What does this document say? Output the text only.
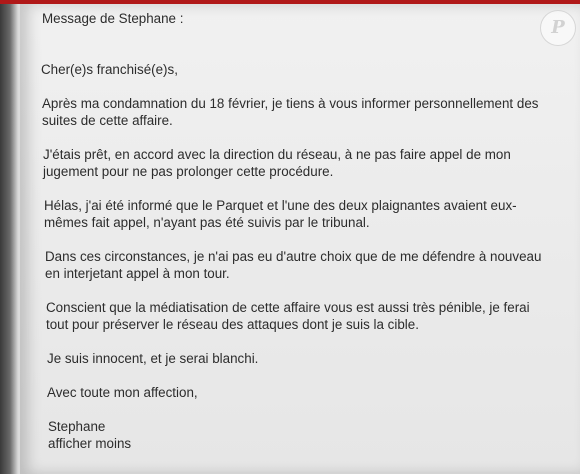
Message de Stephane :
Cher(e)s franchisé(e)s,
Après ma condamnation du 18 février, je tiens à vous informer personnellement des suites de cette affaire.
J'étais prêt, en accord avec la direction du réseau, à ne pas faire appel de mon jugement pour ne pas prolonger cette procédure.
Hélas, j'ai été informé que le Parquet et l'une des deux plaignantes avaient eux-mêmes fait appel, n'ayant pas été suivis par le tribunal.
Dans ces circonstances, je n'ai pas eu d'autre choix que de me défendre à nouveau en interjetant appel à mon tour.
Conscient que la médiatisation de cette affaire vous est aussi très pénible, je ferai tout pour préserver le réseau des attaques dont je suis la cible.
Je suis innocent, et je serai blanchi.
Avec toute mon affection,
Stephane
afficher moins
P
